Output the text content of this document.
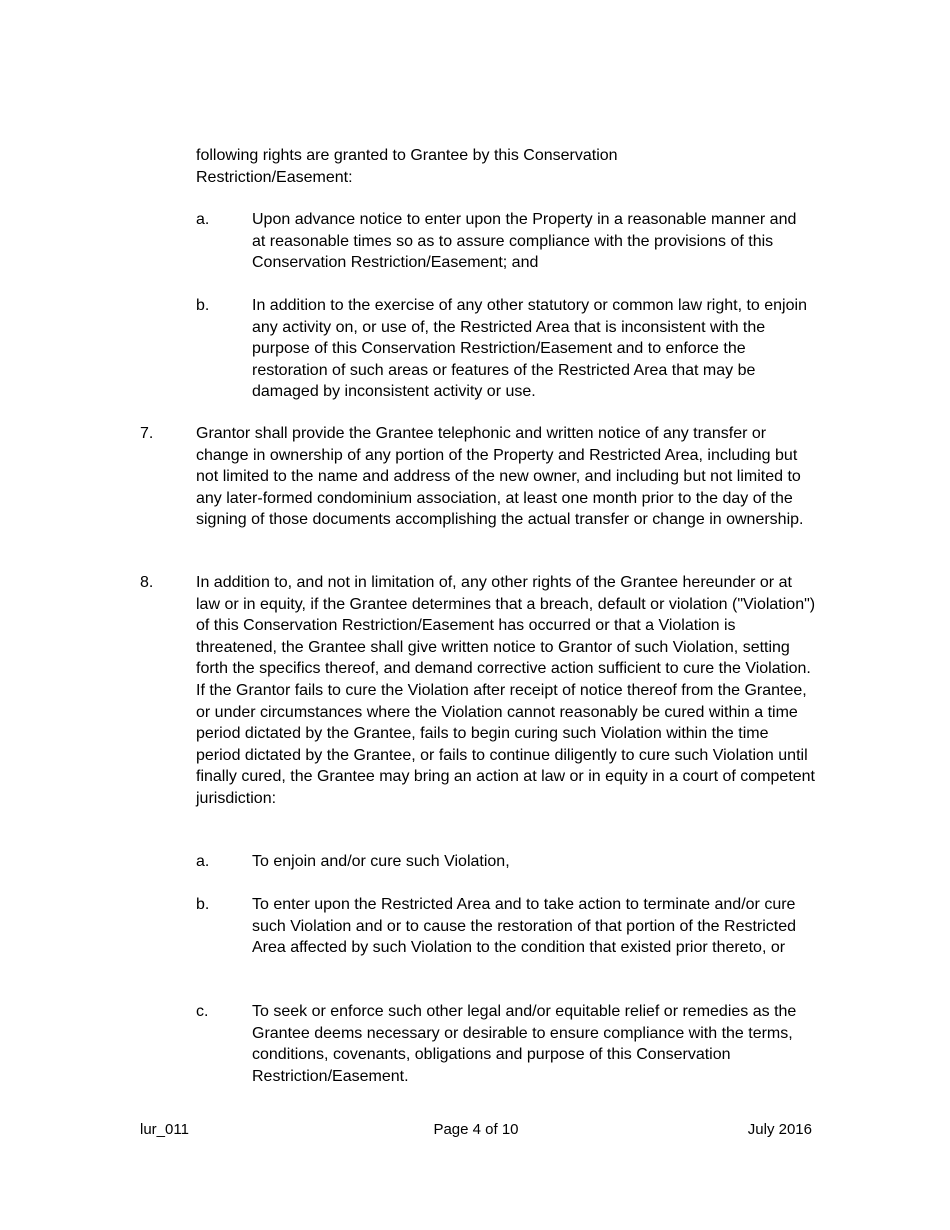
following rights are granted to Grantee by this Conservation Restriction/Easement:

a.	Upon advance notice to enter upon the Property in a reasonable manner and at reasonable times so as to assure compliance with the provisions of this Conservation Restriction/Easement; and

b.	In addition to the exercise of any other statutory or common law right, to enjoin any activity on, or use of, the Restricted Area that is inconsistent with the purpose of this Conservation Restriction/Easement and to enforce the restoration of such areas or features of the Restricted Area that may be damaged by inconsistent activity or use.

7.	Grantor shall provide the Grantee telephonic and written notice of any transfer or change in ownership of any portion of the Property and Restricted Area, including but not limited to the name and address of the new owner, and including but not limited to any later-formed condominium association, at least one month prior to the day of the signing of those documents accomplishing the actual transfer or change in ownership.

8.	In addition to, and not in limitation of, any other rights of the Grantee hereunder or at law or in equity, if the Grantee determines that a breach, default or violation ("Violation") of this Conservation Restriction/Easement has occurred or that a Violation is threatened, the Grantee shall give written notice to Grantor of such Violation, setting forth the specifics thereof, and demand corrective action sufficient to cure the Violation. If the Grantor fails to cure the Violation after receipt of notice thereof from the Grantee, or under circumstances where the Violation cannot reasonably be cured within a time period dictated by the Grantee, fails to begin curing such Violation within the time period dictated by the Grantee, or fails to continue diligently to cure such Violation until finally cured, the Grantee may bring an action at law or in equity in a court of competent jurisdiction:

a.	To enjoin and/or cure such Violation,

b.	To enter upon the Restricted Area and to take action to terminate and/or cure such Violation and or to cause the restoration of that portion of the Restricted Area affected by such Violation to the condition that existed prior thereto, or

c.	To seek or enforce such other legal and/or equitable relief or remedies as the Grantee deems necessary or desirable to ensure compliance with the terms, conditions, covenants, obligations and purpose of this Conservation Restriction/Easement.

lur_011	Page 4 of 10	July 2016
